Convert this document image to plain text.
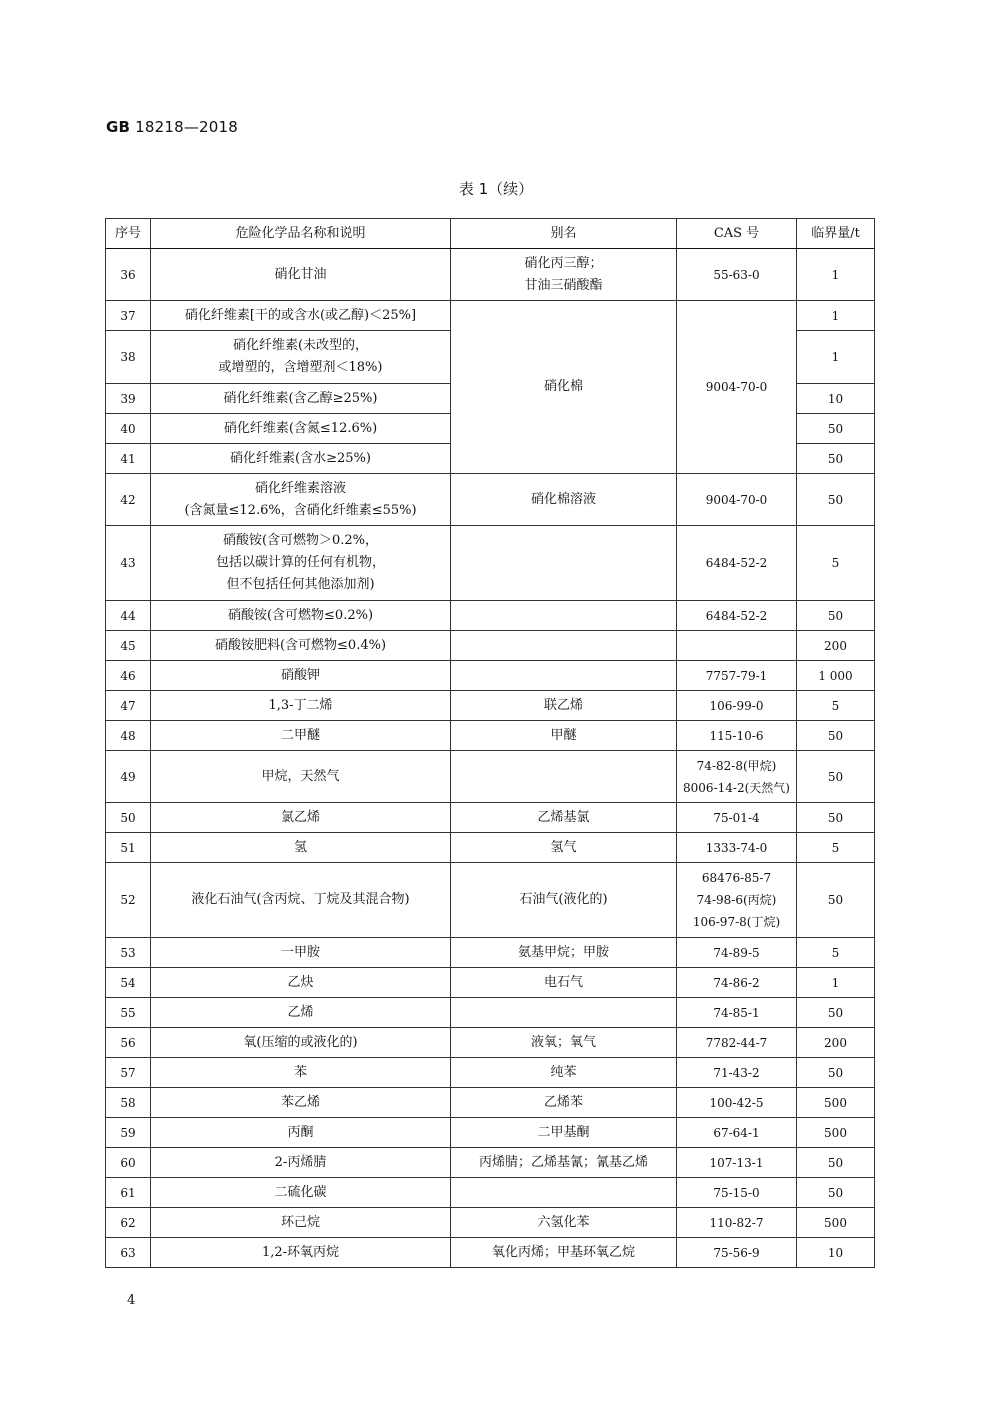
GB 18218—2018
表 1（续）
序号	危险化学品名称和说明	别名	CAS 号	临界量/t
36	硝化甘油	硝化丙三醇；
甘油三硝酸酯	55-63-0	1
37	硝化纤维素[干的或含水(或乙醇)＜25%]	硝化棉	9004-70-0	1
38	硝化纤维素(未改型的，
或增塑的，含增塑剂＜18%)			1
39	硝化纤维素(含乙醇≥25%)			10
40	硝化纤维素(含氮≤12.6%)			50
41	硝化纤维素(含水≥25%)			50
42	硝化纤维素溶液
(含氮量≤12.6%，含硝化纤维素≤55%)	硝化棉溶液	9004-70-0	50
43	硝酸铵(含可燃物＞0.2%，
包括以碳计算的任何有机物，
但不包括任何其他添加剂)		6484-52-2	5
44	硝酸铵(含可燃物≤0.2%)		6484-52-2	50
45	硝酸铵肥料(含可燃物≤0.4%)			200
46	硝酸钾		7757-79-1	1 000
47	1,3-丁二烯	联乙烯	106-99-0	5
48	二甲醚	甲醚	115-10-6	50
49	甲烷，天然气		74-82-8(甲烷)
8006-14-2(天然气)	50
50	氯乙烯	乙烯基氯	75-01-4	50
51	氢	氢气	1333-74-0	5
52	液化石油气(含丙烷、丁烷及其混合物)	石油气(液化的)	68476-85-7
74-98-6(丙烷)
106-97-8(丁烷)	50
53	一甲胺	氨基甲烷；甲胺	74-89-5	5
54	乙炔	电石气	74-86-2	1
55	乙烯		74-85-1	50
56	氧(压缩的或液化的)	液氧；氧气	7782-44-7	200
57	苯	纯苯	71-43-2	50
58	苯乙烯	乙烯苯	100-42-5	500
59	丙酮	二甲基酮	67-64-1	500
60	2-丙烯腈	丙烯腈；乙烯基氰；氰基乙烯	107-13-1	50
61	二硫化碳		75-15-0	50
62	环己烷	六氢化苯	110-82-7	500
63	1,2-环氧丙烷	氧化丙烯；甲基环氧乙烷	75-56-9	10
4
